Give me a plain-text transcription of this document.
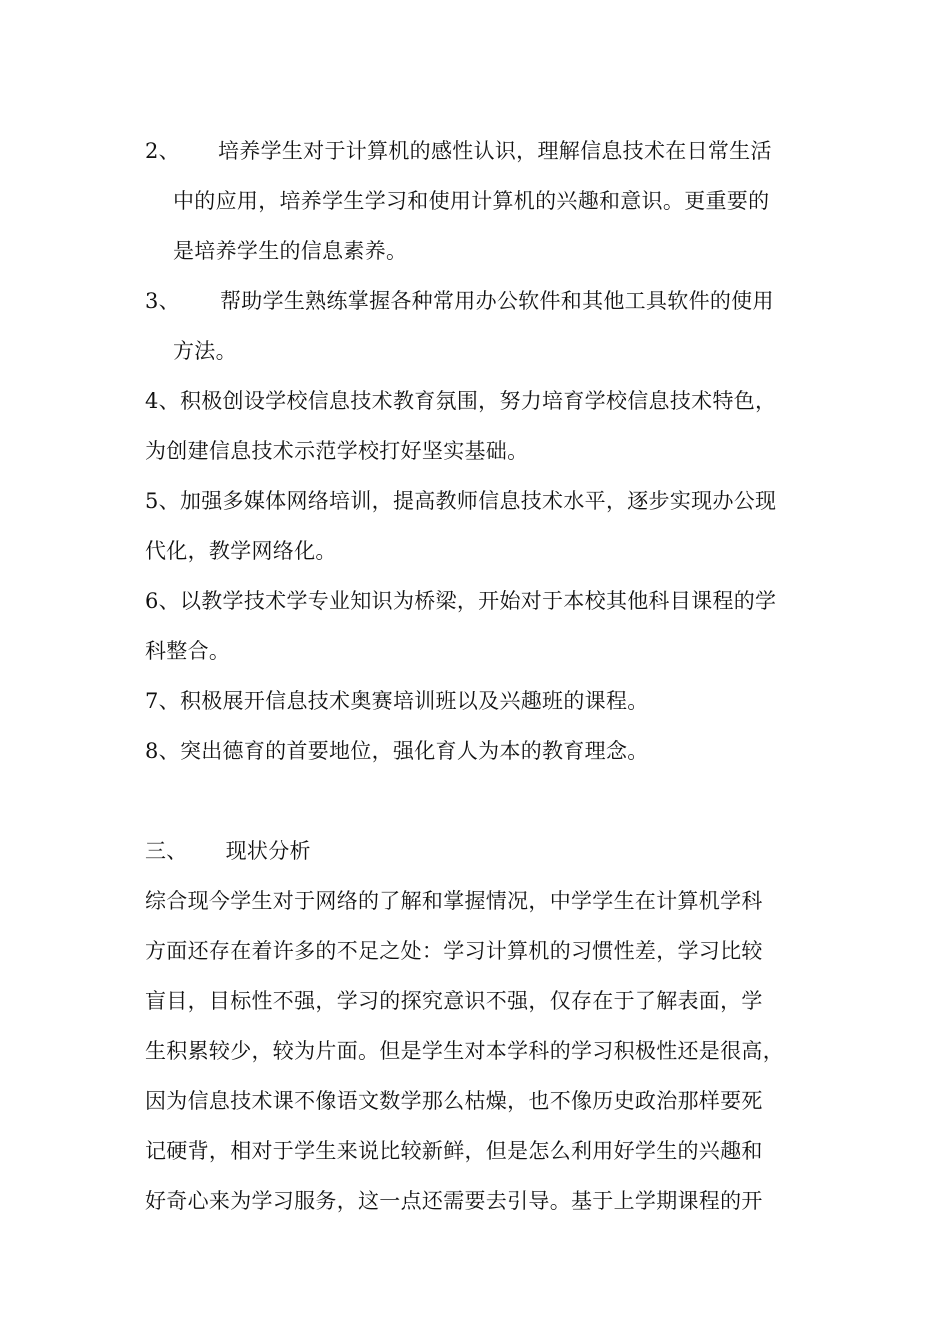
2、 培养学生对于计算机的感性认识，理解信息技术在日常生活
中的应用，培养学生学习和使用计算机的兴趣和意识。更重要的
是培养学生的信息素养。
3、 帮助学生熟练掌握各种常用办公软件和其他工具软件的使用
方法。
4、积极创设学校信息技术教育氛围，努力培育学校信息技术特色，
为创建信息技术示范学校打好坚实基础。
5、加强多媒体网络培训，提高教师信息技术水平，逐步实现办公现
代化，教学网络化。
6、以教学技术学专业知识为桥梁，开始对于本校其他科目课程的学
科整合。
7、积极展开信息技术奥赛培训班以及兴趣班的课程。
8、突出德育的首要地位，强化育人为本的教育理念。
三、 现状分析
综合现今学生对于网络的了解和掌握情况，中学学生在计算机学科
方面还存在着许多的不足之处：学习计算机的习惯性差，学习比较
盲目，目标性不强，学习的探究意识不强，仅存在于了解表面，学
生积累较少，较为片面。但是学生对本学科的学习积极性还是很高，
因为信息技术课不像语文数学那么枯燥，也不像历史政治那样要死
记硬背，相对于学生来说比较新鲜，但是怎么利用好学生的兴趣和
好奇心来为学习服务，这一点还需要去引导。基于上学期课程的开
